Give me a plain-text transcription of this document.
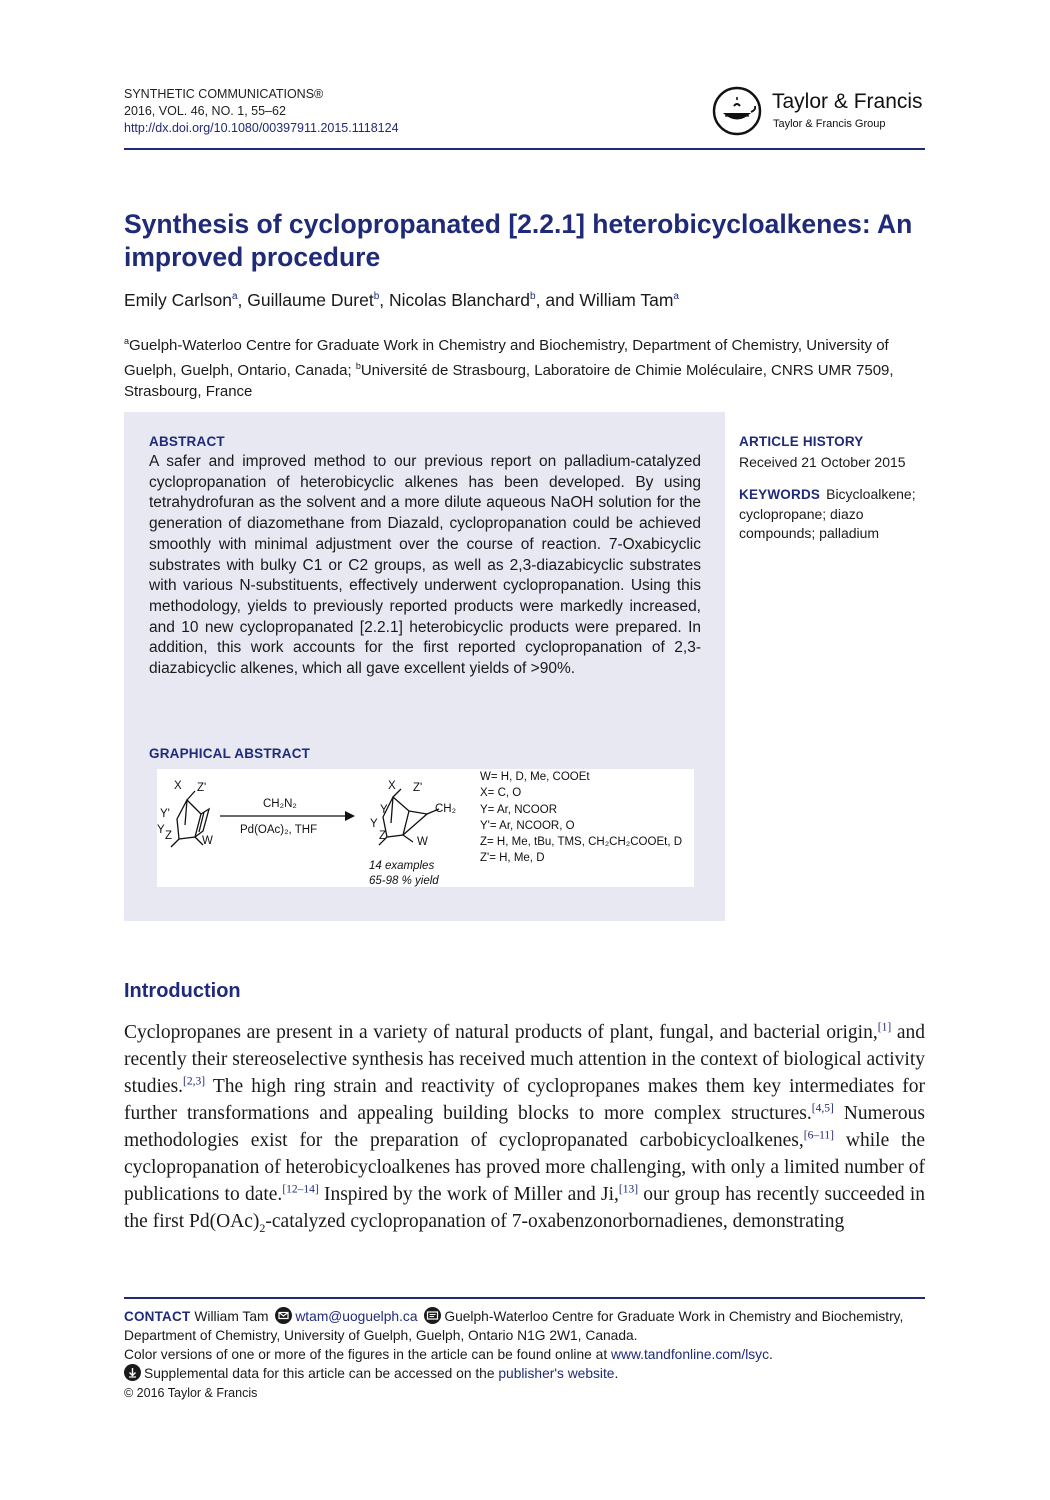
SYNTHETIC COMMUNICATIONS®
2016, VOL. 46, NO. 1, 55–62
http://dx.doi.org/10.1080/00397911.2015.1118124
Taylor & Francis
Taylor & Francis Group
Synthesis of cyclopropanated [2.2.1] heterobicycloalkenes: An improved procedure
Emily Carlson$^a$, Guillaume Duret$^b$, Nicolas Blanchard$^b$, and William Tam$^a$
$^a$Guelph-Waterloo Centre for Graduate Work in Chemistry and Biochemistry, Department of Chemistry, University of Guelph, Guelph, Ontario, Canada; $^b$Université de Strasbourg, Laboratoire de Chimie Moléculaire, CNRS UMR 7509, Strasbourg, France
ABSTRACT
A safer and improved method to our previous report on palladium-catalyzed cyclopropanation of heterobicyclic alkenes has been developed. By using tetrahydrofuran as the solvent and a more dilute aqueous NaOH solution for the generation of diazomethane from Diazald, cyclopropanation could be achieved smoothly with minimal adjustment over the course of reaction. 7-Oxabicyclic substrates with bulky C1 or C2 groups, as well as 2,3-diazabicyclic substrates with various N-substituents, effectively underwent cyclopropanation. Using this methodology, yields to previously reported products were markedly increased, and 10 new cyclopropanated [2.2.1] heterobicyclic products were prepared. In addition, this work accounts for the first reported cyclopropanation of 2,3-diazabicyclic alkenes, which all gave excellent yields of >90%.
GRAPHICAL ABSTRACT
X Z'
Y'
Y Z	W
CH₂N₂
Pd(OAc)₂, THF
X Z'
Y
Y
Z	W
CH₂
14 examples
65-98 % yield
W= H, D, Me, COOEt
X= C, O
Y= Ar, NCOOR
Y'= Ar, NCOOR, O
Z= H, Me, tBu, TMS, CH₂CH₂COOEt, D
Z'= H, Me, D
ARTICLE HISTORY
Received 21 October 2015
KEYWORDS Bicycloalkene; cyclopropane; diazo compounds; palladium
Introduction
Cyclopropanes are present in a variety of natural products of plant, fungal, and bacterial origin,[1] and recently their stereoselective synthesis has received much attention in the context of biological activity studies.[2,3] The high ring strain and reactivity of cyclopropanes makes them key intermediates for further transformations and appealing building blocks to more complex structures.[4,5] Numerous methodologies exist for the preparation of cyclopropanated carbobicycloalkenes,[6–11] while the cyclopropanation of heterobicycloalkenes has proved more challenging, with only a limited number of publications to date.[12–14] Inspired by the work of Miller and Ji,[13] our group has recently succeeded in the first $Pd(OAc)_2$-catalyzed cyclopropanation of 7-oxabenzonorbornadienes, demonstrating
CONTACT William Tam wtam@uoguelph.ca Guelph-Waterloo Centre for Graduate Work in Chemistry and Biochemistry, Department of Chemistry, University of Guelph, Guelph, Ontario N1G 2W1, Canada.
Color versions of one or more of the figures in the article can be found online at www.tandfonline.com/lsyc.
Supplemental data for this article can be accessed on the publisher's website.
© 2016 Taylor & Francis
